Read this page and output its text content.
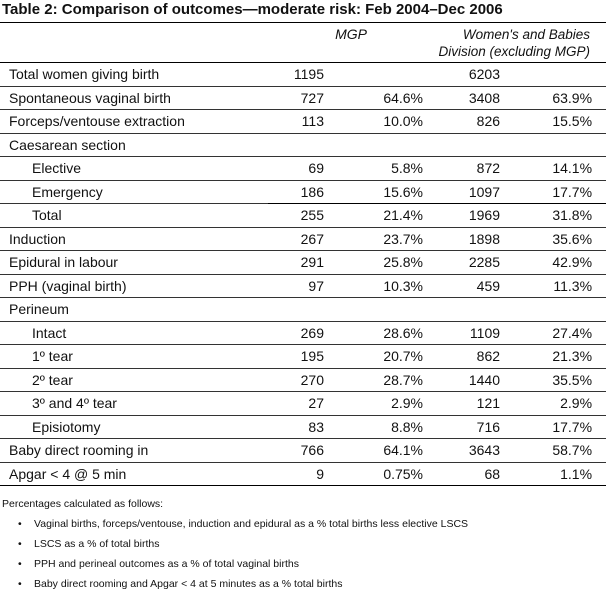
Table 2: Comparison of outcomes—moderate risk: Feb 2004–Dec 2006
	MGP		Women's and Babies
Division (excluding MGP)	
Total women giving birth	1195		6203	
Spontaneous vaginal birth	727	64.6%	3408	63.9%
Forceps/ventouse extraction	113	10.0%	826	15.5%
Caesarean section				
Elective	69	5.8%	872	14.1%
Emergency	186	15.6%	1097	17.7%
Total	255	21.4%	1969	31.8%
Induction	267	23.7%	1898	35.6%
Epidural in labour	291	25.8%	2285	42.9%
PPH (vaginal birth)	97	10.3%	459	11.3%
Perineum				
Intact	269	28.6%	1109	27.4%
1º tear	195	20.7%	862	21.3%
2º tear	270	28.7%	1440	35.5%
3º and 4º tear	27	2.9%	121	2.9%
Episiotomy	83	8.8%	716	17.7%
Baby direct rooming in	766	64.1%	3643	58.7%
Apgar < 4 @ 5 min	9	0.75%	68	1.1%
Percentages calculated as follows:
• Vaginal births, forceps/ventouse, induction and epidural as a % total births less elective LSCS
• LSCS as a % of total births
• PPH and perineal outcomes as a % of total vaginal births
• Baby direct rooming and Apgar < 4 at 5 minutes as a % total births
